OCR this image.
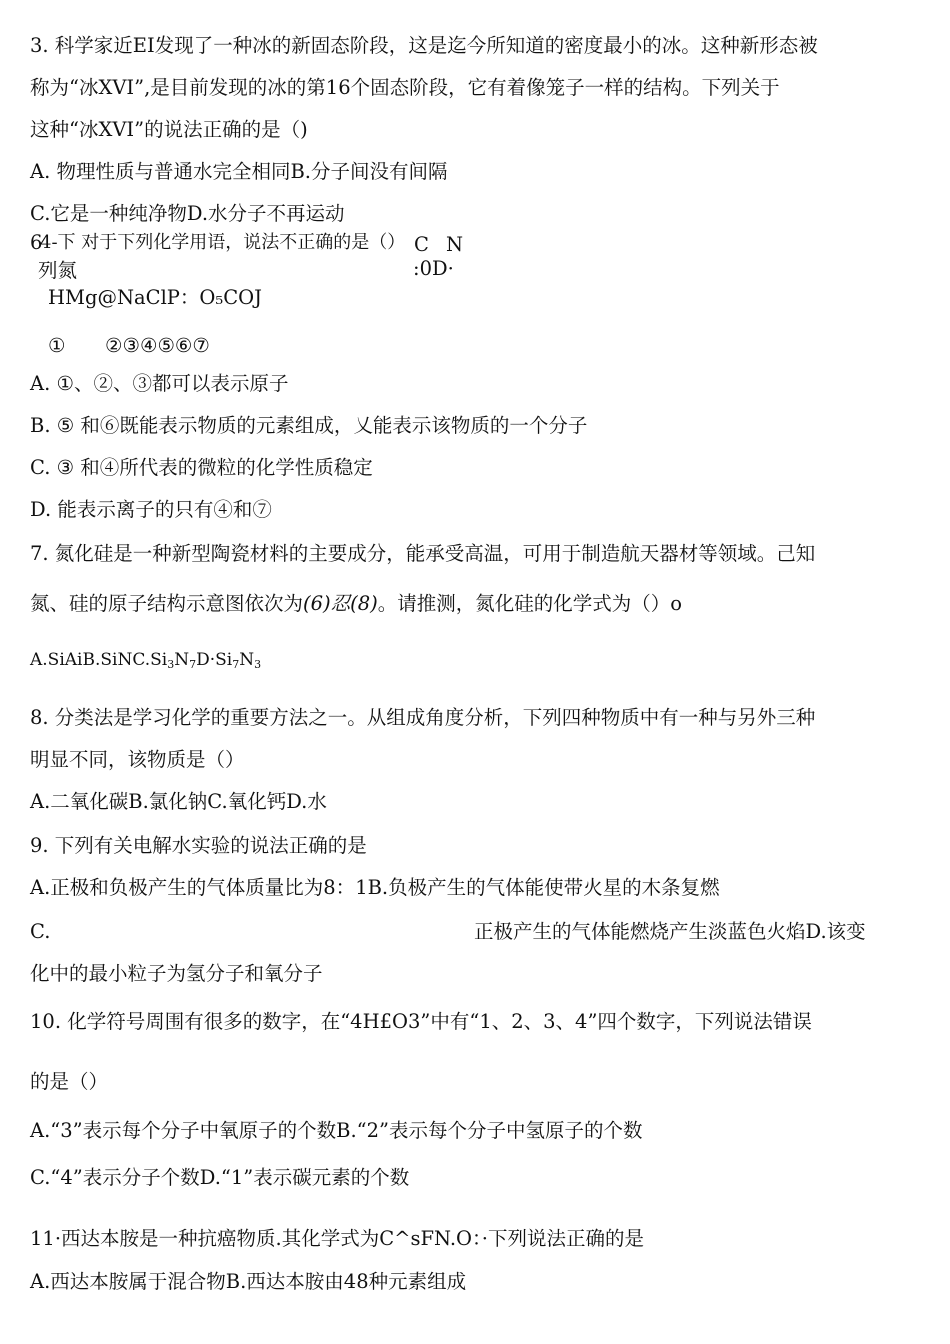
3. 科学家近EI发现了一种冰的新固态阶段，这是迄今所知道的密度最小的冰。这种新形态被

称为“冰XVI”,是目前发现的冰的第16个固态阶段，它有着像笼子一样的结构。下列关于

这种“冰XVI”的说法正确的是（)

A. 物理性质与普通水完全相同B.分子间没有间隔

C.它是一种纯净物D.水分子不再运动

6

4-下 对于下列化学用语，说法不正确的是（） C N

列氮	:0D·

HMg@NaClP：O₅COJ

① ②③④⑤⑥⑦

A. ①、②、③都可以表示原子

B. ⑤ 和⑥既能表示物质的元素组成，乂能表示该物质的一个分子

C. ③ 和④所代表的微粒的化学性质稳定

D. 能表示离子的只有④和⑦

7. 氮化硅是一种新型陶瓷材料的主要成分，能承受高温，可用于制造航天器材等领域。己知

氮、硅的原子结构示意图依次为(6)忍(8)。请推测，氮化硅的化学式为（）o

$A.SiAiB.SiNC.Si_3N_7D\cdot Si_7N_3$

8. 分类法是学习化学的重要方法之一。从组成角度分析，下列四种物质中有一种与另外三种

明显不同，该物质是（）

A.二氧化碳B.氯化钠C.氧化钙D.水

9. 下列有关电解水实验的说法正确的是

A.正极和负极产生的气体质量比为8：1B.负极产生的气体能使带火星的木条复燃

C.	正极产生的气体能燃烧产生淡蓝色火焰D.该变

化中的最小粒子为氢分子和氧分子

10. 化学符号周围有很多的数字，在“4H£O3”中有“1、2、3、4”四个数字，下列说法错误

的是（）

A.“3”表示每个分子中氧原子的个数B.“2”表示每个分子中氢原子的个数

C.“4”表示分子个数D.“1”表示碳元素的个数

11·西达本胺是一种抗癌物质.其化学式为C^sFN.O：·下列说法正确的是

A.西达本胺属于混合物B.西达本胺由48种元素组成
